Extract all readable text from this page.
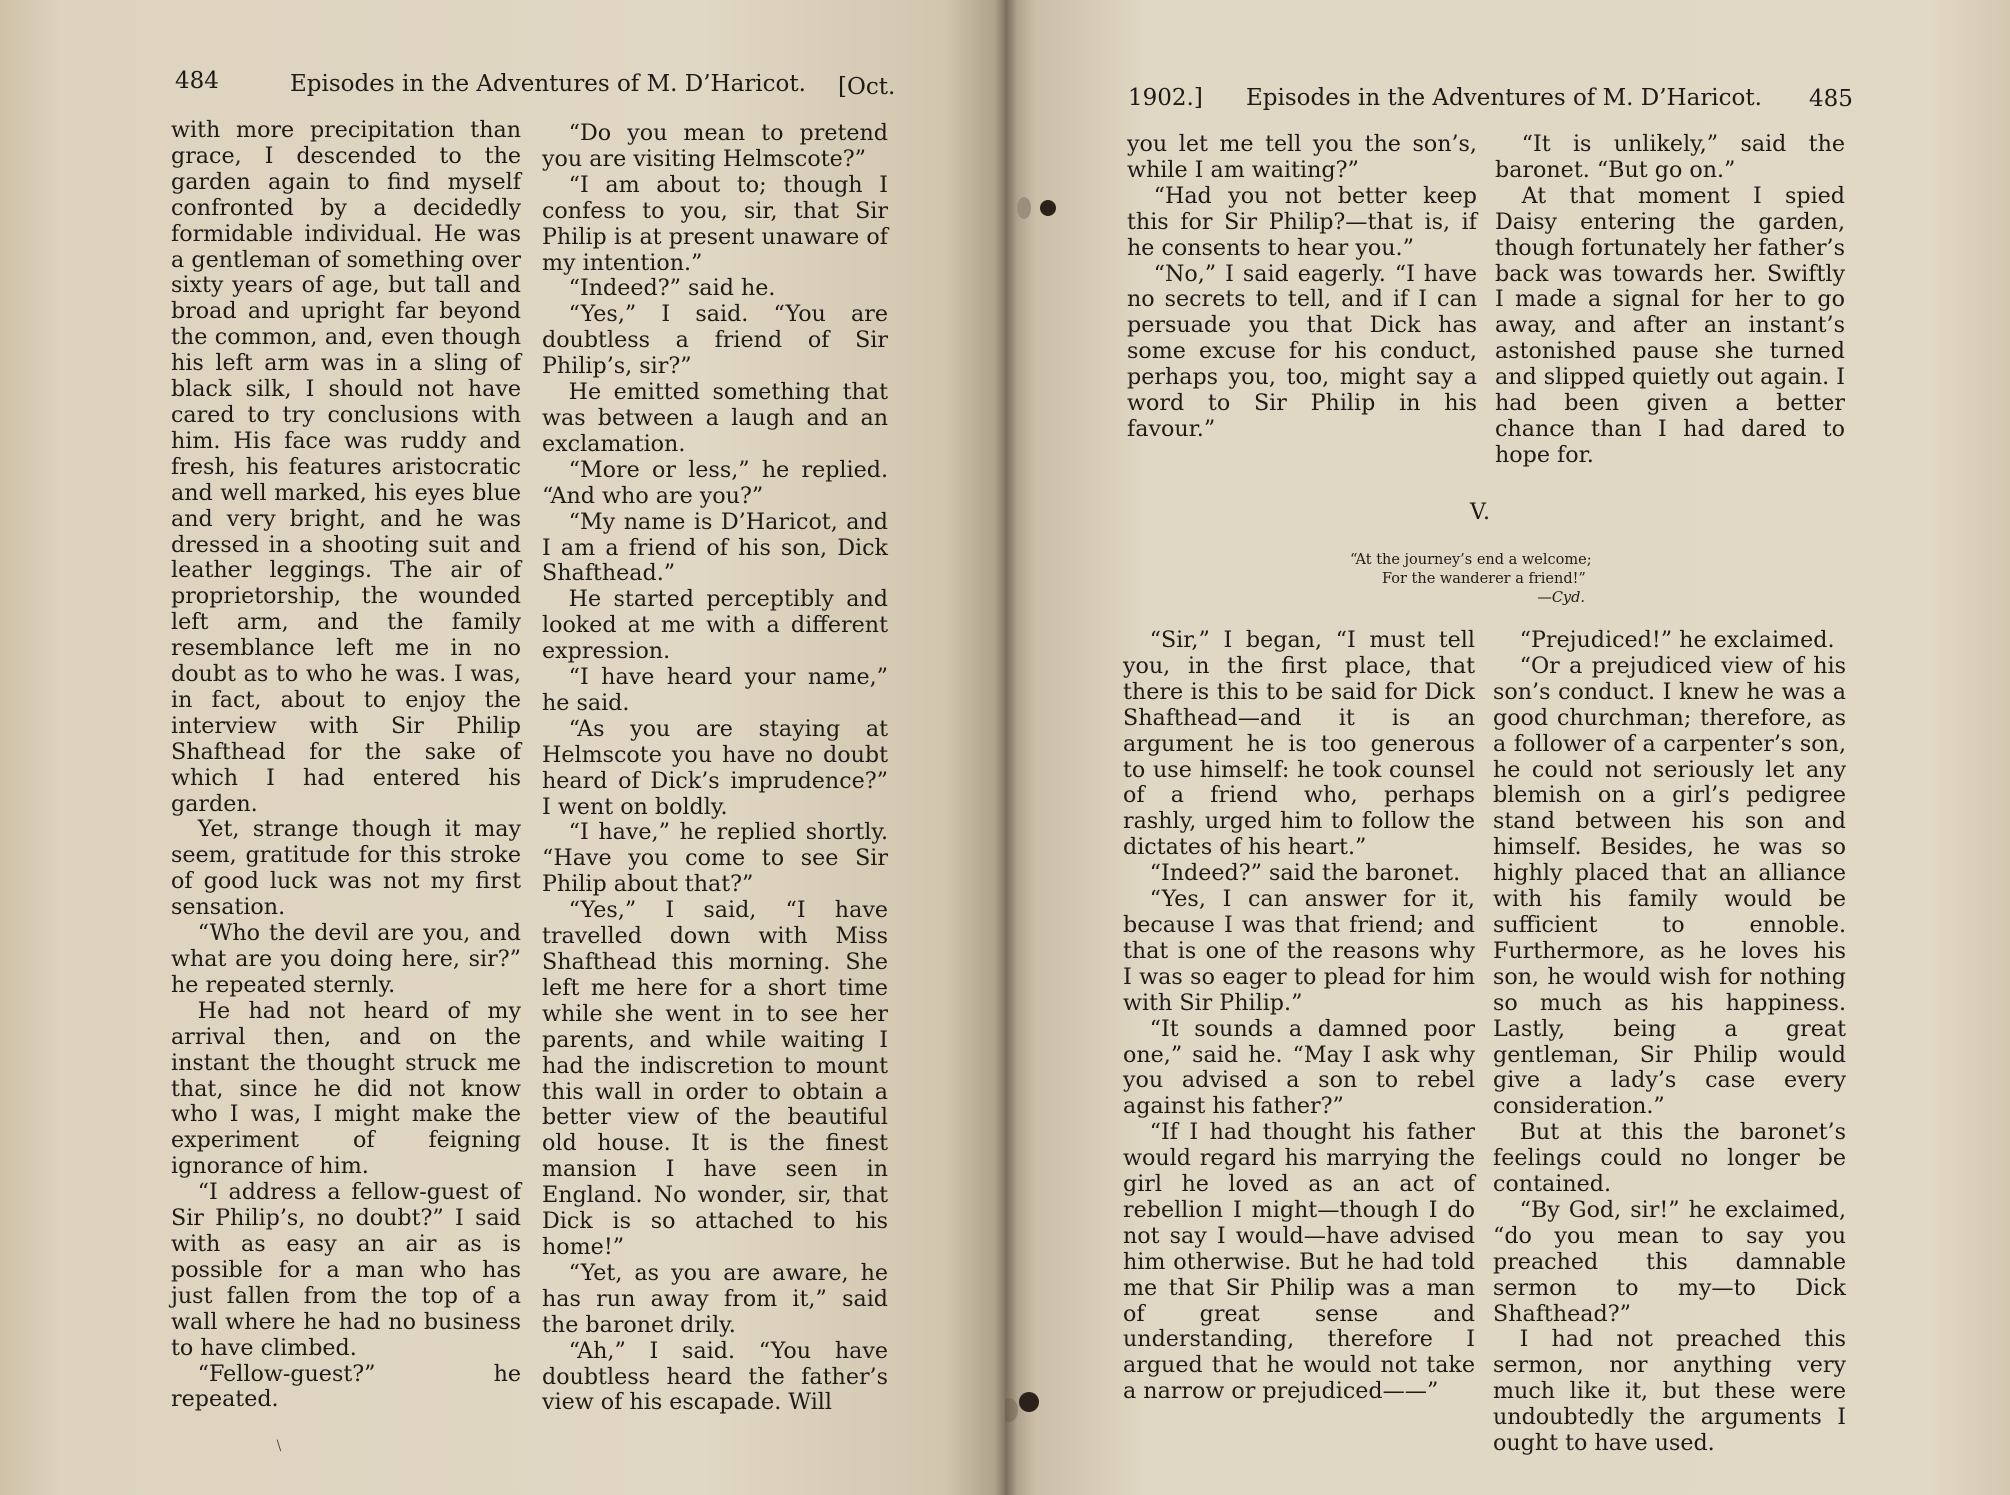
484	Episodes in the Adventures of M. D’Haricot. [Oct.

with more precipitation than grace, I descended to the garden again to find myself confronted by a decidedly formidable individual. He was a gentleman of something over sixty years of age, but tall and broad and upright far beyond the common, and, even though his left arm was in a sling of black silk, I should not have cared to try conclusions with him. His face was ruddy and fresh, his features aristocratic and well marked, his eyes blue and very bright, and he was dressed in a shooting suit and leather leggings. The air of proprietorship, the wounded left arm, and the family resemblance left me in no doubt as to who he was. I was, in fact, about to enjoy the interview with Sir Philip Shafthead for the sake of which I had entered his garden.

Yet, strange though it may seem, gratitude for this stroke of good luck was not my first sensation.

“Who the devil are you, and what are you doing here, sir?” he repeated sternly.

He had not heard of my arrival then, and on the instant the thought struck me that, since he did not know who I was, I might make the experiment of feigning ignorance of him.

“I address a fellow-guest of Sir Philip’s, no doubt?” I said with as easy an air as is possible for a man who has just fallen from the top of a wall where he had no business to have climbed.

“Fellow-guest?” he repeated.

“Do you mean to pretend you are visiting Helmscote?”

“I am about to; though I confess to you, sir, that Sir Philip is at present unaware of my intention.”

“Indeed?” said he.

“Yes,” I said. “You are doubtless a friend of Sir Philip’s, sir?”

He emitted something that was between a laugh and an exclamation.

“More or less,” he replied. “And who are you?”

“My name is D’Haricot, and I am a friend of his son, Dick Shafthead.”

He started perceptibly and looked at me with a different expression.

“I have heard your name,” he said.

“As you are staying at Helmscote you have no doubt heard of Dick’s imprudence?” I went on boldly.

“I have,” he replied shortly. “Have you come to see Sir Philip about that?”

“Yes,” I said, “I have travelled down with Miss Shafthead this morning. She left me here for a short time while she went in to see her parents, and while waiting I had the indiscretion to mount this wall in order to obtain a better view of the beautiful old house. It is the finest mansion I have seen in England. No wonder, sir, that Dick is so attached to his home!”

“Yet, as you are aware, he has run away from it,” said the baronet drily.

“Ah,” I said. “You have doubtless heard the father’s view of his escapade. Will

﹨
1902.] Episodes in the Adventures of M. D’Haricot. 485

you let me tell you the son’s, while I am waiting?”

“Had you not better keep this for Sir Philip?—that is, if he consents to hear you.”

“No,” I said eagerly. “I have no secrets to tell, and if I can persuade you that Dick has some excuse for his conduct, perhaps you, too, might say a word to Sir Philip in his favour.”

“It is unlikely,” said the baronet. “But go on.”

At that moment I spied Daisy entering the garden, though fortunately her father’s back was towards her. Swiftly I made a signal for her to go away, and after an instant’s astonished pause she turned and slipped quietly out again. I had been given a better chance than I had dared to hope for.

V.
“At the journey’s end a welcome;
For the wanderer a friend!”
—Cyd.

“Sir,” I began, “I must tell you, in the first place, that there is this to be said for Dick Shafthead—and it is an argument he is too generous to use himself: he took counsel of a friend who, perhaps rashly, urged him to follow the dictates of his heart.”

“Indeed?” said the baronet.

“Yes, I can answer for it, because I was that friend; and that is one of the reasons why I was so eager to plead for him with Sir Philip.”

“It sounds a damned poor one,” said he. “May I ask why you advised a son to rebel against his father?”

“If I had thought his father would regard his marrying the girl he loved as an act of rebellion I might—though I do not say I would—have advised him otherwise. But he had told me that Sir Philip was a man of great sense and understanding, therefore I argued that he would not take a narrow or prejudiced——”

“Prejudiced!” he exclaimed.

“Or a prejudiced view of his son’s conduct. I knew he was a good churchman; therefore, as a follower of a carpenter’s son, he could not seriously let any blemish on a girl’s pedigree stand between his son and himself. Besides, he was so highly placed that an alliance with his family would be sufficient to ennoble. Furthermore, as he loves his son, he would wish for nothing so much as his happiness. Lastly, being a great gentleman, Sir Philip would give a lady’s case every consideration.”

But at this the baronet’s feelings could no longer be contained.

“By God, sir!” he exclaimed, “do you mean to say you preached this damnable sermon to my—to Dick Shafthead?”

I had not preached this sermon, nor anything very much like it, but these were undoubtedly the arguments I ought to have used.
